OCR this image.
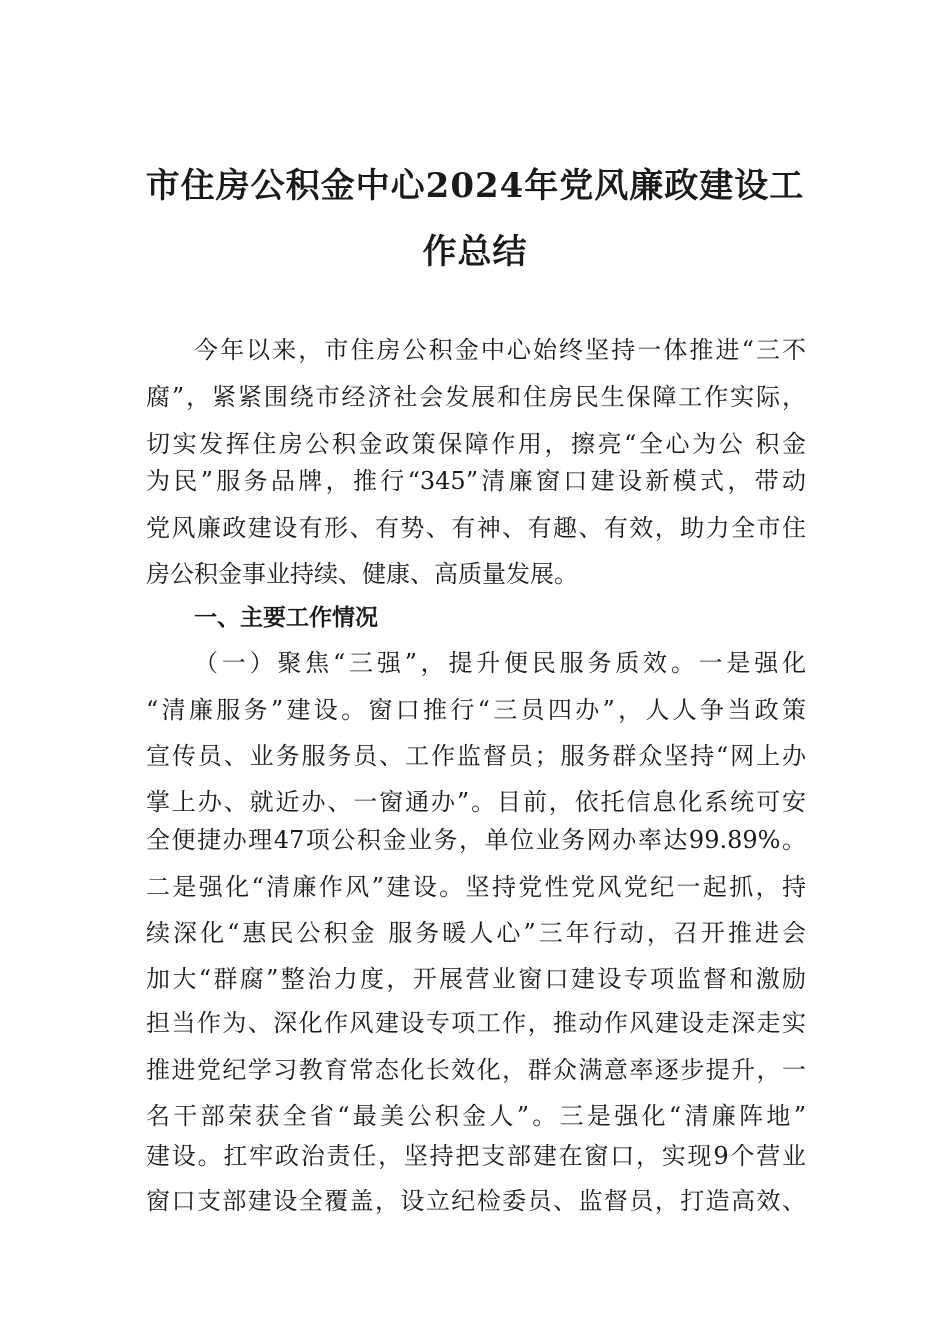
市住房公积金中心2024年党风廉政建设工
作总结

今年以来，市住房公积金中心始终坚持一体推进“三不

腐”，紧紧围绕市经济社会发展和住房民生保障工作实际，

切实发挥住房公积金政策保障作用，擦亮“全心为公 积金

为民”服务品牌，推行“345”清廉窗口建设新模式，带动

党风廉政建设有形、有势、有神、有趣、有效，助力全市住

房公积金事业持续、健康、高质量发展。

一、主要工作情况

（一）聚焦“三强”，提升便民服务质效。一是强化

“清廉服务”建设。窗口推行“三员四办”，人人争当政策

宣传员、业务服务员、工作监督员；服务群众坚持“网上办

掌上办、就近办、一窗通办”。目前，依托信息化系统可安

全便捷办理47项公积金业务，单位业务网办率达99.89%。

二是强化“清廉作风”建设。坚持党性党风党纪一起抓，持

续深化“惠民公积金 服务暖人心”三年行动，召开推进会

加大“群腐”整治力度，开展营业窗口建设专项监督和激励

担当作为、深化作风建设专项工作，推动作风建设走深走实

推进党纪学习教育常态化长效化，群众满意率逐步提升，一

名干部荣获全省“最美公积金人”。三是强化“清廉阵地”

建设。扛牢政治责任，坚持把支部建在窗口，实现9个营业

窗口支部建设全覆盖，设立纪检委员、监督员，打造高效、
